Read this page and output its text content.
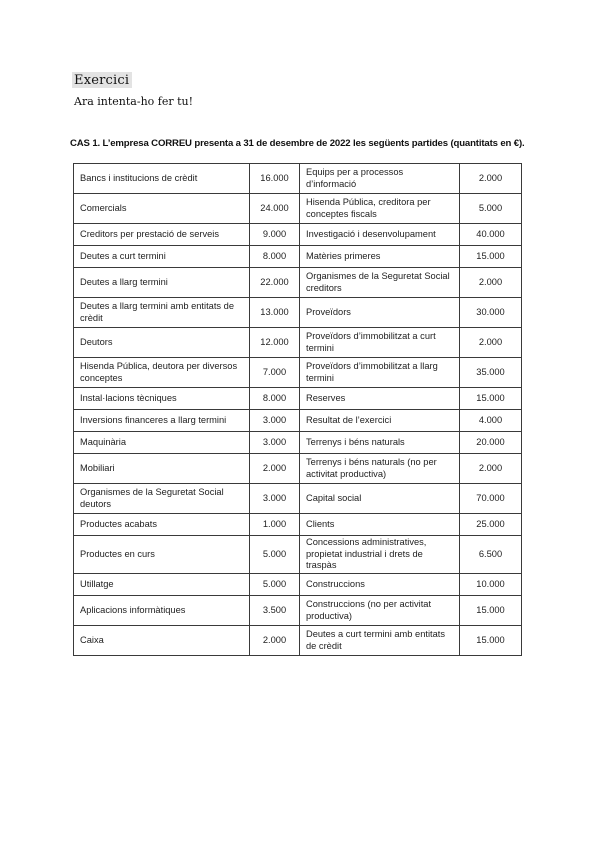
Exercici
Ara intenta-ho fer tu!
CAS 1. L’empresa CORREU presenta a 31 de desembre de 2022 les següents partides (quantitats en €).
Bancs i institucions de crèdit	16.000	Equips per a processos d’informació	2.000
Comercials	24.000	Hisenda Pública, creditora per conceptes fiscals	5.000
Creditors per prestació de serveis	9.000	Investigació i desenvolupament	40.000
Deutes a curt termini	8.000	Matèries primeres	15.000
Deutes a llarg termini	22.000	Organismes de la Seguretat Social creditors	2.000
Deutes a llarg termini amb entitats de crèdit	13.000	Proveïdors	30.000
Deutors	12.000	Proveïdors d’immobilitzat a curt termini	2.000
Hisenda Pública, deutora per diversos conceptes	7.000	Proveïdors d’immobilitzat a llarg termini	35.000
Instal·lacions tècniques	8.000	Reserves	15.000
Inversions financeres a llarg termini	3.000	Resultat de l’exercici	4.000
Maquinària	3.000	Terrenys i béns naturals	20.000
Mobiliari	2.000	Terrenys i béns naturals (no per activitat productiva)	2.000
Organismes de la Seguretat Social deutors	3.000	Capital social	70.000
Productes acabats	1.000	Clients	25.000
Productes en curs	5.000	Concessions administratives, propietat industrial i drets de traspàs	6.500
Utillatge	5.000	Construccions	10.000
Aplicacions informàtiques	3.500	Construccions (no per activitat productiva)	15.000
Caixa	2.000	Deutes a curt termini amb entitats de crèdit	15.000
